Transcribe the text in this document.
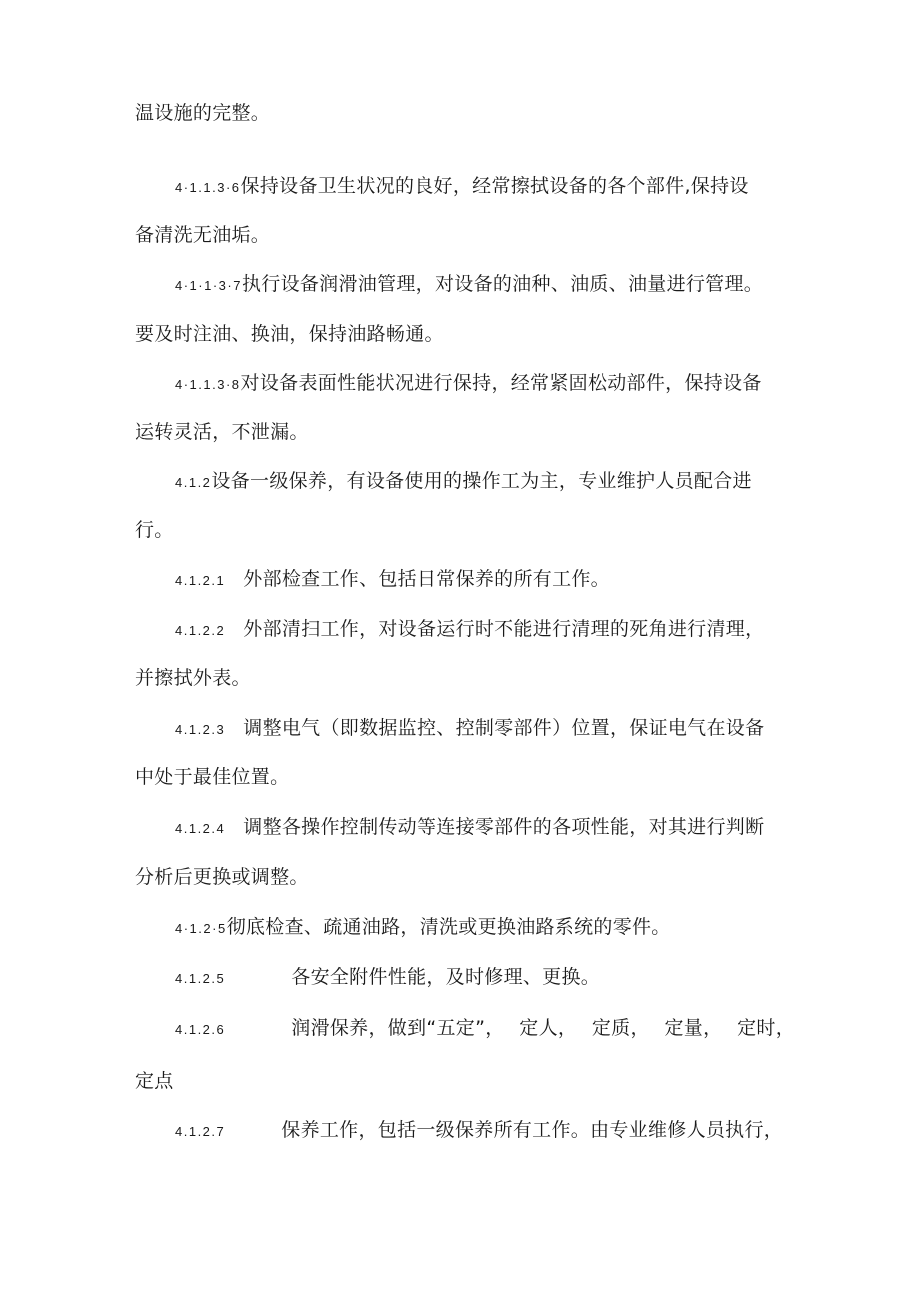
温设施的完整。
4·1.1.3·6保持设备卫生状况的良好，经常擦拭设备的各个部件,保持设
备清洗无油垢。
4·1·1·3·7执行设备润滑油管理，对设备的油种、油质、油量进行管理。
要及时注油、换油，保持油路畅通。
4·1.1.3·8对设备表面性能状况进行保持，经常紧固松动部件，保持设备
运转灵活，不泄漏。
4.1.2设备一级保养，有设备使用的操作工为主，专业维护人员配合进
行。
4.1.2.1 外部检查工作、包括日常保养的所有工作。
4.1.2.2 外部清扫工作，对设备运行时不能进行清理的死角进行清理，
并擦拭外表。
4.1.2.3 调整电气（即数据监控、控制零部件）位置，保证电气在设备
中处于最佳位置。
4.1.2.4 调整各操作控制传动等连接零部件的各项性能，对其进行判断
分析后更换或调整。
4·1.2·5彻底检查、疏通油路，清洗或更换油路系统的零件。
4.1.2.5	各安全附件性能，及时修理、更换。
4.1.2.6	润滑保养，做到“五定”， 定人， 定质， 定量， 定时，
定点
4.1.2.7	保养工作，包括一级保养所有工作。由专业维修人员执行，
